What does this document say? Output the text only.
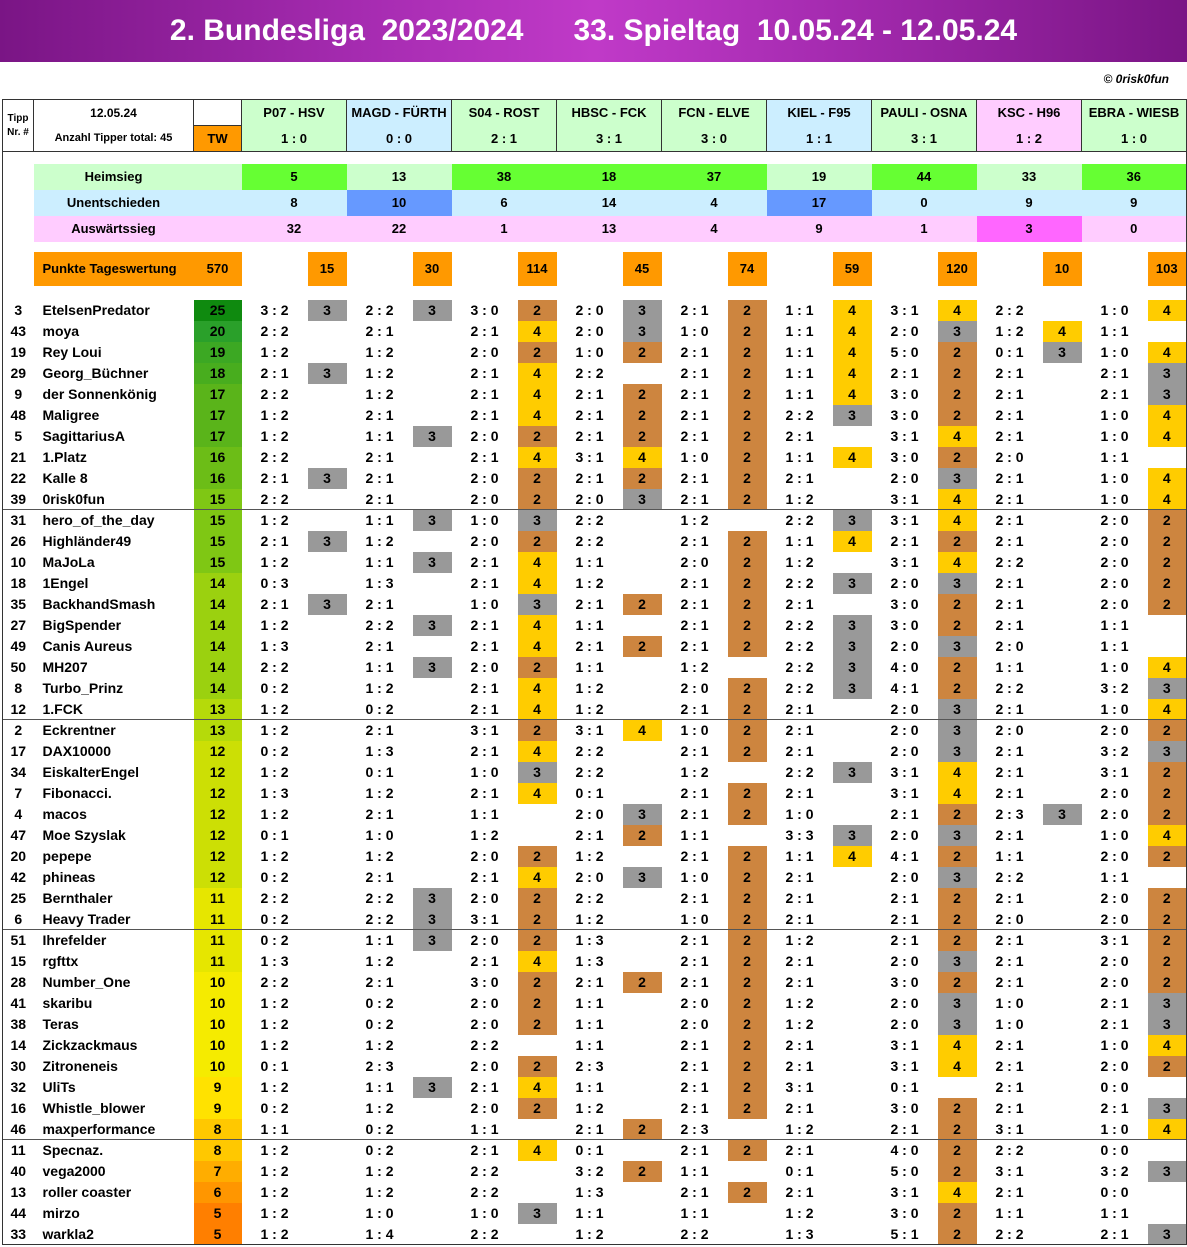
2. Bundesliga  2023/2024 33. Spieltag  10.05.24 - 12.05.24
© 0risk0fun
Tipp
Nr. #	12.05.24		P07 - HSV		MAGD - FÜRTH		S04 - ROST		HBSC - FCK		FCN - ELVE		KIEL - F95		PAULI - OSNA		KSC - H96		EBRA - WIESB	
	Anzahl Tipper total: 45	TW	1 : 0		0 : 0		2 : 1		3 : 1		3 : 0		1 : 1		3 : 1		1 : 2		1 : 0	

	Heimsieg		5		13		38		18		37		19		44		33		36	
	Unentschieden		8		10		6		14		4		17		0		9		9	
	Auswärtssieg		32		22		1		13		4		9		1		3		0	

	Punkte Tageswertung	570		15		30		114		45		74		59		120		10		103

3	EtelsenPredator	25	3 : 2	3	2 : 2	3	3 : 0	2	2 : 0	3	2 : 1	2	1 : 1	4	3 : 1	4	2 : 2		1 : 0	4
43	moya	20	2 : 2		2 : 1		2 : 1	4	2 : 0	3	1 : 0	2	1 : 1	4	2 : 0	3	1 : 2	4	1 : 1	
19	Rey Loui	19	1 : 2		1 : 2		2 : 0	2	1 : 0	2	2 : 1	2	1 : 1	4	5 : 0	2	0 : 1	3	1 : 0	4
29	Georg_Büchner	18	2 : 1	3	1 : 2		2 : 1	4	2 : 2		2 : 1	2	1 : 1	4	2 : 1	2	2 : 1		2 : 1	3
9	der Sonnenkönig	17	2 : 2		1 : 2		2 : 1	4	2 : 1	2	2 : 1	2	1 : 1	4	3 : 0	2	2 : 1		2 : 1	3
48	Maligree	17	1 : 2		2 : 1		2 : 1	4	2 : 1	2	2 : 1	2	2 : 2	3	3 : 0	2	2 : 1		1 : 0	4
5	SagittariusA	17	1 : 2		1 : 1	3	2 : 0	2	2 : 1	2	2 : 1	2	2 : 1		3 : 1	4	2 : 1		1 : 0	4
21	1.Platz	16	2 : 2		2 : 1		2 : 1	4	3 : 1	4	1 : 0	2	1 : 1	4	3 : 0	2	2 : 0		1 : 1	
22	Kalle 8	16	2 : 1	3	2 : 1		2 : 0	2	2 : 1	2	2 : 1	2	2 : 1		2 : 0	3	2 : 1		1 : 0	4
39	0risk0fun	15	2 : 2		2 : 1		2 : 0	2	2 : 0	3	2 : 1	2	1 : 2		3 : 1	4	2 : 1		1 : 0	4
31	hero_of_the_day	15	1 : 2		1 : 1	3	1 : 0	3	2 : 2		1 : 2		2 : 2	3	3 : 1	4	2 : 1		2 : 0	2
26	Highländer49	15	2 : 1	3	1 : 2		2 : 0	2	2 : 2		2 : 1	2	1 : 1	4	2 : 1	2	2 : 1		2 : 0	2
10	MaJoLa	15	1 : 2		1 : 1	3	2 : 1	4	1 : 1		2 : 0	2	1 : 2		3 : 1	4	2 : 2		2 : 0	2
18	1Engel	14	0 : 3		1 : 3		2 : 1	4	1 : 2		2 : 1	2	2 : 2	3	2 : 0	3	2 : 1		2 : 0	2
35	BackhandSmash	14	2 : 1	3	2 : 1		1 : 0	3	2 : 1	2	2 : 1	2	2 : 1		3 : 0	2	2 : 1		2 : 0	2
27	BigSpender	14	1 : 2		2 : 2	3	2 : 1	4	1 : 1		2 : 1	2	2 : 2	3	3 : 0	2	2 : 1		1 : 1	
49	Canis Aureus	14	1 : 3		2 : 1		2 : 1	4	2 : 1	2	2 : 1	2	2 : 2	3	2 : 0	3	2 : 0		1 : 1	
50	MH207	14	2 : 2		1 : 1	3	2 : 0	2	1 : 1		1 : 2		2 : 2	3	4 : 0	2	1 : 1		1 : 0	4
8	Turbo_Prinz	14	0 : 2		1 : 2		2 : 1	4	1 : 2		2 : 0	2	2 : 2	3	4 : 1	2	2 : 2		3 : 2	3
12	1.FCK	13	1 : 2		0 : 2		2 : 1	4	1 : 2		2 : 1	2	2 : 1		2 : 0	3	2 : 1		1 : 0	4
2	Eckrentner	13	1 : 2		2 : 1		3 : 1	2	3 : 1	4	1 : 0	2	2 : 1		2 : 0	3	2 : 0		2 : 0	2
17	DAX10000	12	0 : 2		1 : 3		2 : 1	4	2 : 2		2 : 1	2	2 : 1		2 : 0	3	2 : 1		3 : 2	3
34	EiskalterEngel	12	1 : 2		0 : 1		1 : 0	3	2 : 2		1 : 2		2 : 2	3	3 : 1	4	2 : 1		3 : 1	2
7	Fibonacci.	12	1 : 3		1 : 2		2 : 1	4	0 : 1		2 : 1	2	2 : 1		3 : 1	4	2 : 1		2 : 0	2
4	macos	12	1 : 2		2 : 1		1 : 1		2 : 0	3	2 : 1	2	1 : 0		2 : 1	2	2 : 3	3	2 : 0	2
47	Moe Szyslak	12	0 : 1		1 : 0		1 : 2		2 : 1	2	1 : 1		3 : 3	3	2 : 0	3	2 : 1		1 : 0	4
20	pepepe	12	1 : 2		1 : 2		2 : 0	2	1 : 2		2 : 1	2	1 : 1	4	4 : 1	2	1 : 1		2 : 0	2
42	phineas	12	0 : 2		2 : 1		2 : 1	4	2 : 0	3	1 : 0	2	2 : 1		2 : 0	3	2 : 2		1 : 1	
25	Bernthaler	11	2 : 2		2 : 2	3	2 : 0	2	2 : 2		2 : 1	2	2 : 1		2 : 1	2	2 : 1		2 : 0	2
6	Heavy Trader	11	0 : 2		2 : 2	3	3 : 1	2	1 : 2		1 : 0	2	2 : 1		2 : 1	2	2 : 0		2 : 0	2
51	Ihrefelder	11	0 : 2		1 : 1	3	2 : 0	2	1 : 3		2 : 1	2	1 : 2		2 : 1	2	2 : 1		3 : 1	2
15	rgfttx	11	1 : 3		1 : 2		2 : 1	4	1 : 3		2 : 1	2	2 : 1		2 : 0	3	2 : 1		2 : 0	2
28	Number_One	10	2 : 2		2 : 1		3 : 0	2	2 : 1	2	2 : 1	2	2 : 1		3 : 0	2	2 : 1		2 : 0	2
41	skaribu	10	1 : 2		0 : 2		2 : 0	2	1 : 1		2 : 0	2	1 : 2		2 : 0	3	1 : 0		2 : 1	3
38	Teras	10	1 : 2		0 : 2		2 : 0	2	1 : 1		2 : 0	2	1 : 2		2 : 0	3	1 : 0		2 : 1	3
14	Zickzackmaus	10	1 : 2		1 : 2		2 : 2		1 : 1		2 : 1	2	2 : 1		3 : 1	4	2 : 1		1 : 0	4
30	Zitroneneis	10	0 : 1		2 : 3		2 : 0	2	2 : 3		2 : 1	2	2 : 1		3 : 1	4	2 : 1		2 : 0	2
32	UliTs	9	1 : 2		1 : 1	3	2 : 1	4	1 : 1		2 : 1	2	3 : 1		0 : 1		2 : 1		0 : 0	
16	Whistle_blower	9	0 : 2		1 : 2		2 : 0	2	1 : 2		2 : 1	2	2 : 1		3 : 0	2	2 : 1		2 : 1	3
46	maxperformance	8	1 : 1		0 : 2		1 : 1		2 : 1	2	2 : 3		1 : 2		2 : 1	2	3 : 1		1 : 0	4
11	Specnaz.	8	1 : 2		0 : 2		2 : 1	4	0 : 1		2 : 1	2	2 : 1		4 : 0	2	2 : 2		0 : 0	
40	vega2000	7	1 : 2		1 : 2		2 : 2		3 : 2	2	1 : 1		0 : 1		5 : 0	2	3 : 1		3 : 2	3
13	roller coaster	6	1 : 2		1 : 2		2 : 2		1 : 3		2 : 1	2	2 : 1		3 : 1	4	2 : 1		0 : 0	
44	mirzo	5	1 : 2		1 : 0		1 : 0	3	1 : 1		1 : 1		1 : 2		3 : 0	2	1 : 1		1 : 1	
33	warkla2	5	1 : 2		1 : 4		2 : 2		1 : 2		2 : 2		1 : 3		5 : 1	2	2 : 2		2 : 1	3
